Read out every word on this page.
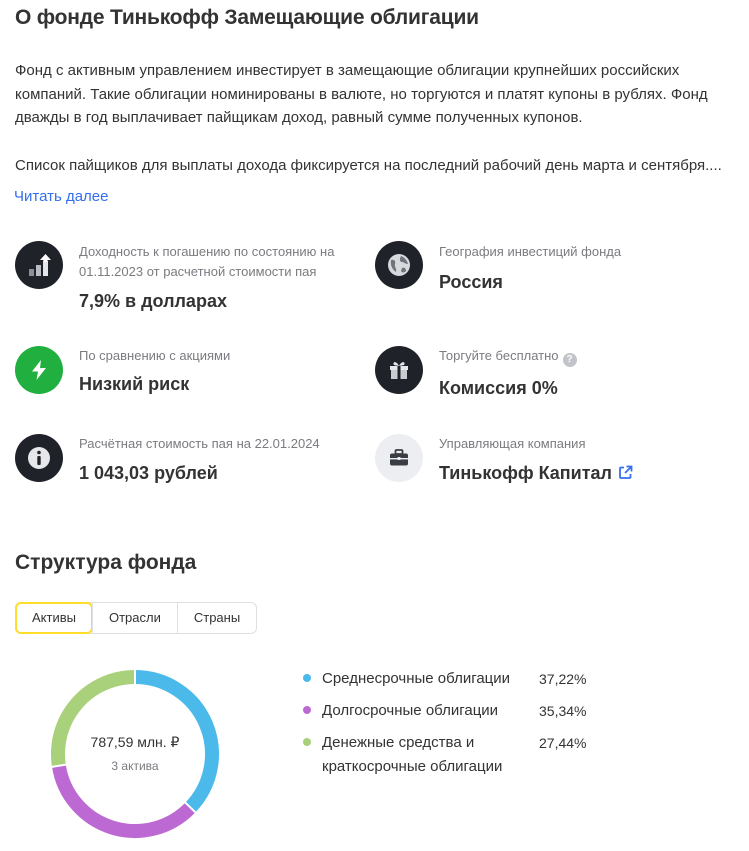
О фонде Тинькофф Замещающие облигации

Фонд с активным управлением инвестирует в замещающие облигации крупнейших российских компаний. Такие облигации номинированы в валюте, но торгуются и платят купоны в рублях. Фонд дважды в год выплачивает пайщикам доход, равный сумме полученных купонов.

Список пайщиков для выплаты дохода фиксируется на последний рабочий день марта и сентября....

Читать далее
Доходность к погашению по состоянию на
01.11.2023 от расчетной стоимости пая
7,9% в долларах
География инвестиций фонда
Россия
По сравнению с акциями
Низкий риск
Торгуйте бесплатно ?
Комиссия 0%
Расчётная стоимость пая на 22.01.2024
1 043,03 рублей
Управляющая компания
Тинькофф Капитал
Структура фонда
Активы	Отрасли	Страны
787,59 млн. ₽
3 актива
Среднесрочные облигации	37,22%
Долгосрочные облигации	35,34%
Денежные средства и краткосрочные облигации
27,44%
